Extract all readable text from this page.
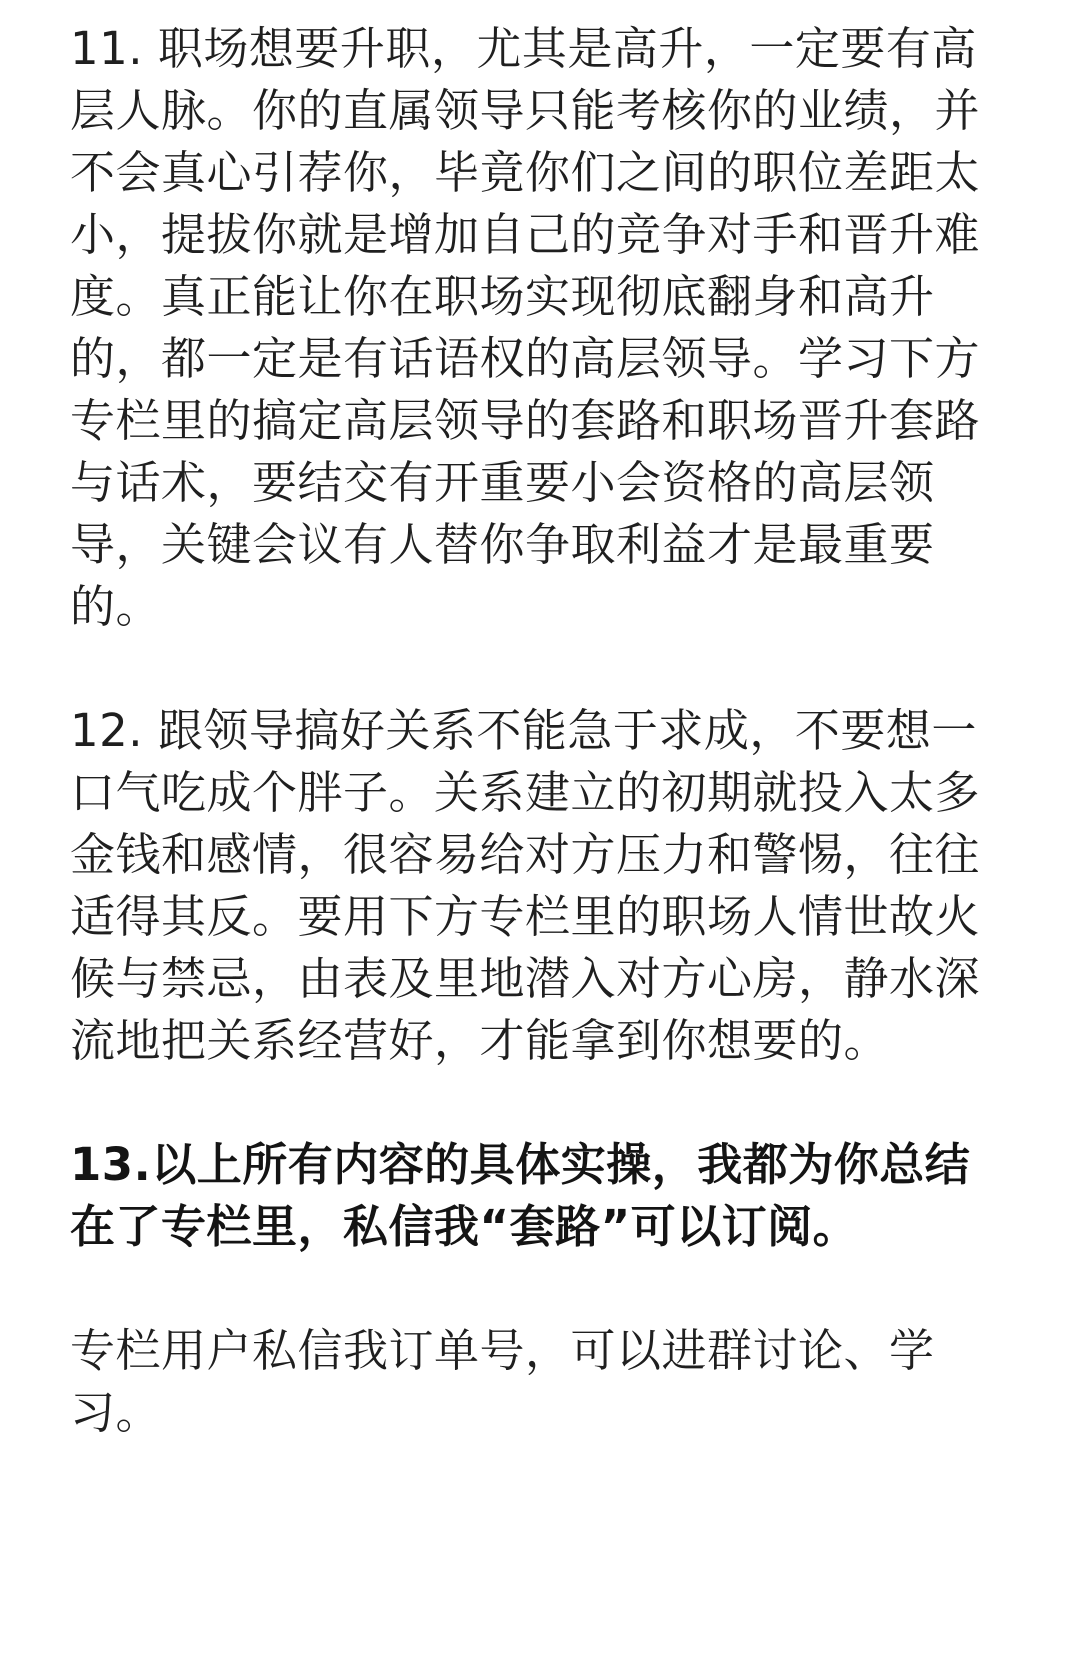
11. 职场想要升职，尤其是高升，一定要有高层人脉。你的直属领导只能考核你的业绩，并不会真心引荐你，毕竟你们之间的职位差距太小，提拔你就是增加自己的竞争对手和晋升难度。真正能让你在职场实现彻底翻身和高升的，都一定是有话语权的高层领导。学习下方专栏里的搞定高层领导的套路和职场晋升套路与话术，要结交有开重要小会资格的高层领导，关键会议有人替你争取利益才是最重要的。

12. 跟领导搞好关系不能急于求成，不要想一口气吃成个胖子。关系建立的初期就投入太多金钱和感情，很容易给对方压力和警惕，往往适得其反。要用下方专栏里的职场人情世故火候与禁忌，由表及里地潜入对方心房，静水深流地把关系经营好，才能拿到你想要的。

13.以上所有内容的具体实操，我都为你总结在了专栏里，私信我“套路”可以订阅。

专栏用户私信我订单号，可以进群讨论、学习。
